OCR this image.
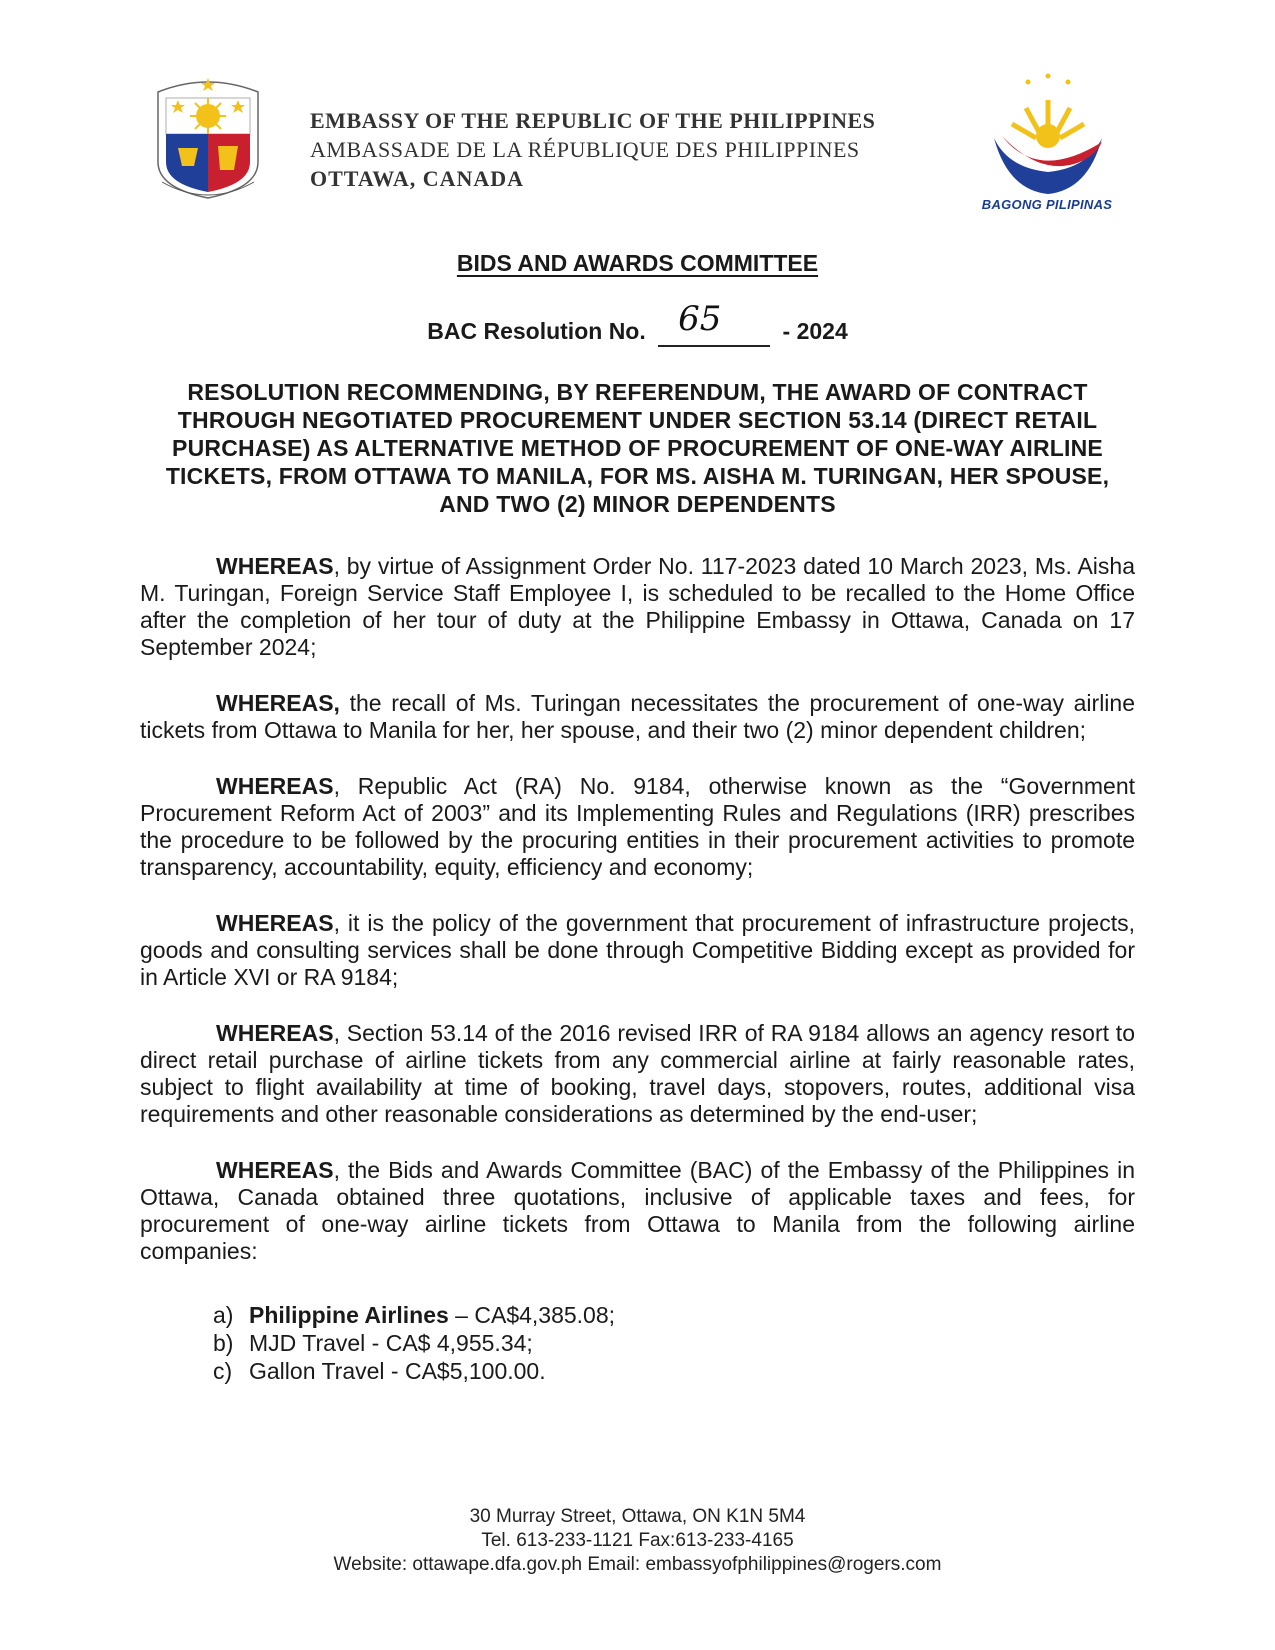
EMBASSY OF THE REPUBLIC OF THE PHILIPPINES
AMBASSADE DE LA RÉPUBLIQUE DES PHILIPPINES
OTTAWA, CANADA
BAGONG PILIPINAS
BIDS AND AWARDS COMMITTEE
BAC Resolution No. 65	- 2024
RESOLUTION RECOMMENDING, BY REFERENDUM, THE AWARD OF CONTRACT THROUGH NEGOTIATED PROCUREMENT UNDER SECTION 53.14 (DIRECT RETAIL PURCHASE) AS ALTERNATIVE METHOD OF PROCUREMENT OF ONE-WAY AIRLINE TICKETS, FROM OTTAWA TO MANILA, FOR MS. AISHA M. TURINGAN, HER SPOUSE, AND TWO (2) MINOR DEPENDENTS

WHEREAS, by virtue of Assignment Order No. 117-2023 dated 10 March 2023, Ms. Aisha M. Turingan, Foreign Service Staff Employee I, is scheduled to be recalled to the Home Office after the completion of her tour of duty at the Philippine Embassy in Ottawa, Canada on 17 September 2024;

WHEREAS, the recall of Ms. Turingan necessitates the procurement of one-way airline tickets from Ottawa to Manila for her, her spouse, and their two (2) minor dependent children;

WHEREAS, Republic Act (RA) No. 9184, otherwise known as the “Government Procurement Reform Act of 2003” and its Implementing Rules and Regulations (IRR) prescribes the procedure to be followed by the procuring entities in their procurement activities to promote transparency, accountability, equity, efficiency and economy;

WHEREAS, it is the policy of the government that procurement of infrastructure projects, goods and consulting services shall be done through Competitive Bidding except as provided for in Article XVI or RA 9184;

WHEREAS, Section 53.14 of the 2016 revised IRR of RA 9184 allows an agency resort to direct retail purchase of airline tickets from any commercial airline at fairly reasonable rates, subject to flight availability at time of booking, travel days, stopovers, routes, additional visa requirements and other reasonable considerations as determined by the end-user;

WHEREAS, the Bids and Awards Committee (BAC) of the Embassy of the Philippines in Ottawa, Canada obtained three quotations, inclusive of applicable taxes and fees, for procurement of one-way airline tickets from Ottawa to Manila from the following airline companies:

a) Philippine Airlines – CA$4,385.08;
b) MJD Travel - CA$ 4,955.34;
c) Gallon Travel - CA$5,100.00.
30 Murray Street, Ottawa, ON K1N 5M4
Tel. 613-233-1121 Fax:613-233-4165
Website: ottawape.dfa.gov.ph Email: embassyofphilippines@rogers.com
